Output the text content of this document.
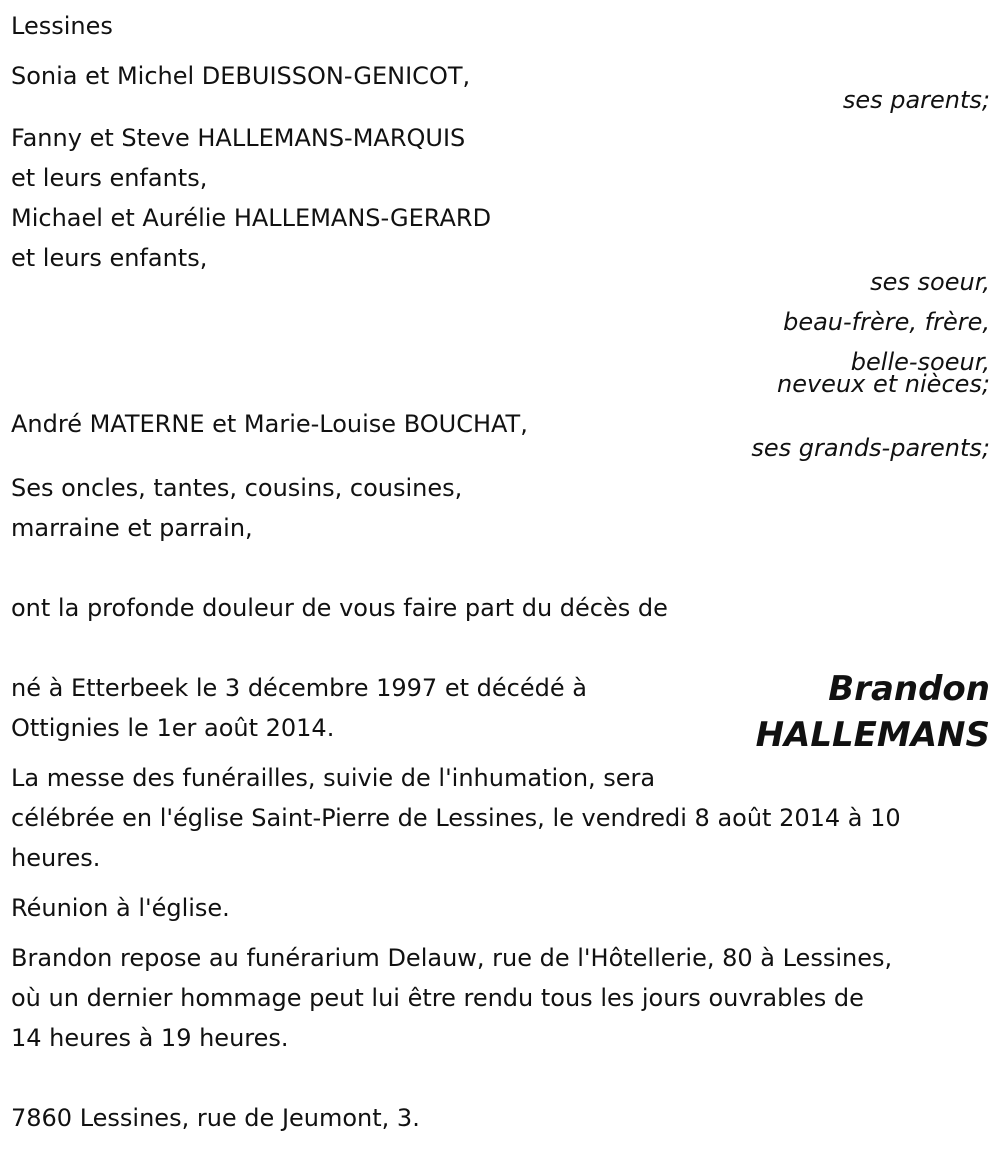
Lessines
Sonia et Michel DEBUISSON-GENICOT,
ses parents;
Fanny et Steve HALLEMANS-MARQUIS
et leurs enfants,
Michael et Aurélie HALLEMANS-GERARD
et leurs enfants,
ses soeur,
beau-frère, frère,
belle-soeur,
neveux et nièces;
André MATERNE et Marie-Louise BOUCHAT,
ses grands-parents;
Ses oncles, tantes, cousins, cousines,
marraine et parrain,
ont la profonde douleur de vous faire part du décès de
né à Etterbeek le 3 décembre 1997 et décédé à
Ottignies le 1er août 2014.
Brandon
HALLEMANS
La messe des funérailles, suivie de l'inhumation, sera
célébrée en l'église Saint-Pierre de Lessines, le vendredi 8 août 2014 à 10
heures.
Réunion à l'église.
Brandon repose au funérarium Delauw, rue de l'Hôtellerie, 80 à Lessines,
où un dernier hommage peut lui être rendu tous les jours ouvrables de
14 heures à 19 heures.
7860 Lessines, rue de Jeumont, 3.
